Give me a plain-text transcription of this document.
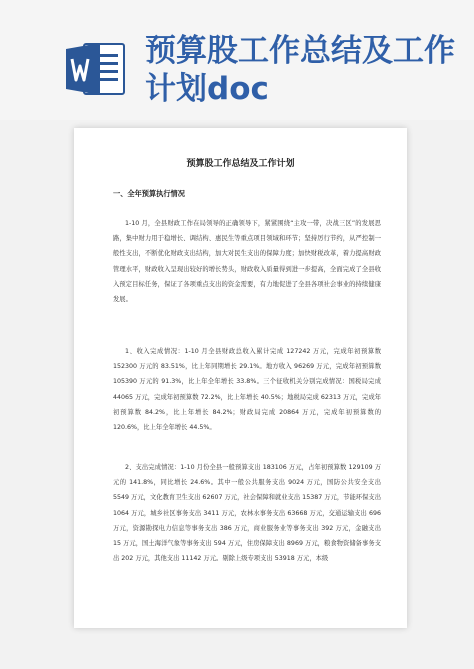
预算股工作总结及工作计划doc
预算股工作总结及工作计划
一、全年预算执行情况

1-10 月，全县财政工作在局领导的正确领导下，紧紧围绕“主攻一带，决战三区”的发展思路，集中财力用于稳增长、调结构、惠民生等重点项目领域和环节；坚持厉行节约，从严控制一般性支出，不断优化财政支出结构，加大对民生支出的保障力度；加快财税改革，着力提高财政管理水平，财政收入呈现出较好的增长势头，财政收入质量得到进一步提高，全面完成了全县收入预定目标任务，保证了各项重点支出的资金需要，有力地促进了全县各项社会事业的持续健康发展。

1、收入完成情况：1-10 月全县财政总收入累计完成 127242 万元，完成年初预算数 152300 万元的 83.51%，比上年同期增长 29.1%。地方收入 96269 万元，完成年初预算数 105390 万元的 91.3%，比上年全年增长 33.8%。三个征收机关分别完成情况：国税局完成 44065 万元，完成年初预算数 72.2%，比上年增长 40.5%；地税局完成 62313 万元，完成年初预算数 84.2%，比上年增长 84.2%；财政局完成 20864 万元，完成年初预算数的 120.6%，比上年全年增长 44.5%。

2、支出完成情况：1-10 月份全县一般预算支出 183106 万元，占年初预算数 129109 万元的 141.8%，同比增长 24.6%。其中一般公共服务支出 9024 万元，国防公共安全支出 5549 万元，文化教育卫生支出 62607 万元，社会保障和就业支出 15387 万元，节能环保支出 1064 万元，城乡社区事务支出 3411 万元，农林水事务支出 63668 万元，交通运输支出 696 万元，资源勘探电力信息等事务支出 386 万元，商业服务业等事务支出 392 万元，金融支出 15 万元，国土海洋气象等事务支出 594 万元，住房保障支出 8969 万元，粮食物资储备事务支出 202 万元，其他支出 11142 万元。剔除上级专项支出 53918 万元，本级
